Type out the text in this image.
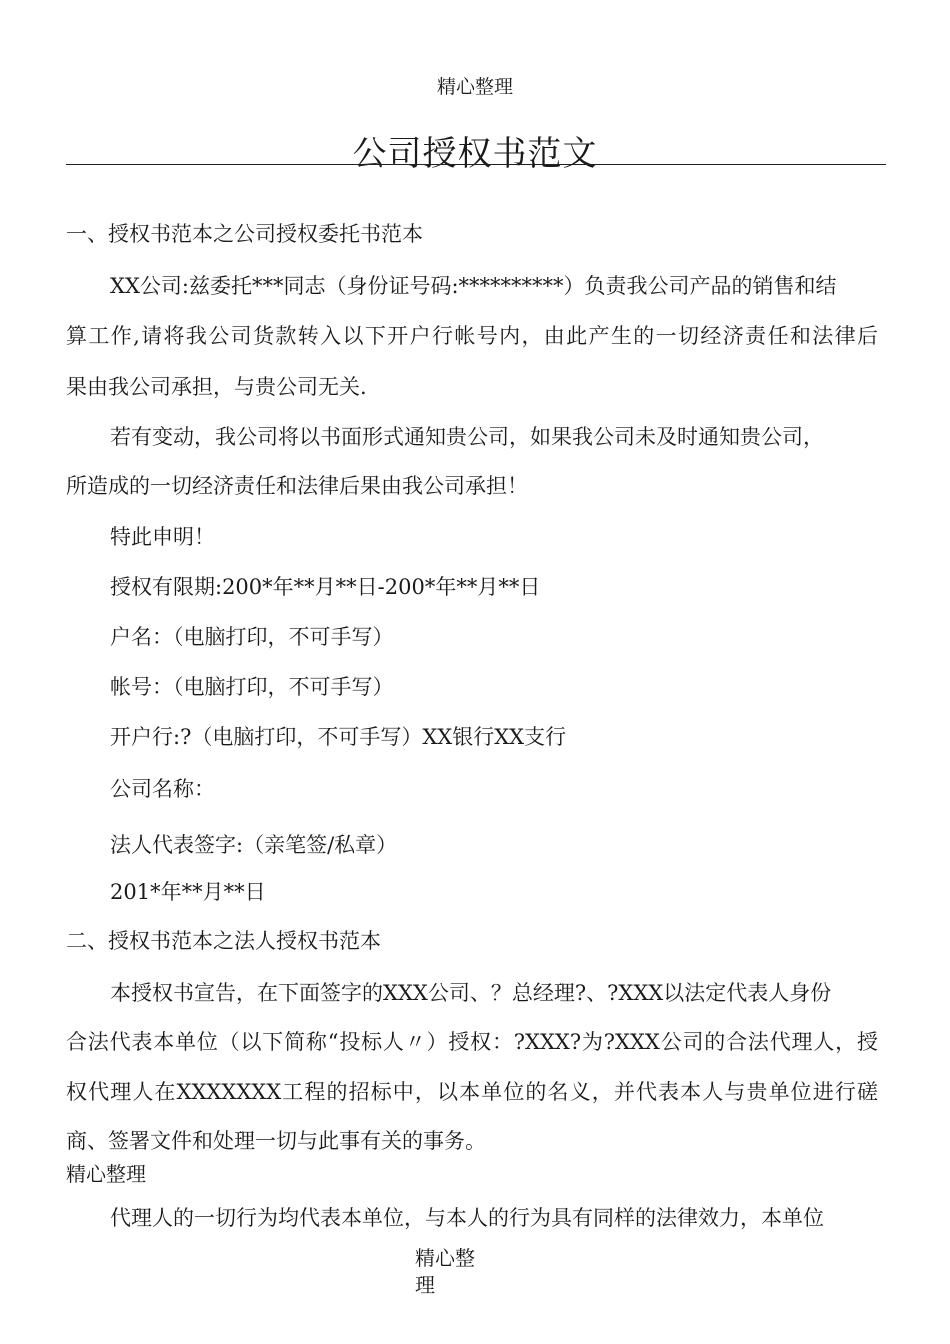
精心整理
公司授权书范文
一、授权书范本之公司授权委托书范本
XX公司:兹委托***同志（身份证号码:**********）负责我公司产品的销售和结
算工作,请将我公司货款转入以下开户行帐号内，由此产生的一切经济责任和法律后
果由我公司承担，与贵公司无关.
若有变动，我公司将以书面形式通知贵公司，如果我公司未及时通知贵公司，
所造成的一切经济责任和法律后果由我公司承担！
特此申明！
授权有限期:200*年**月**日-200*年**月**日
户名：（电脑打印，不可手写）
帐号：（电脑打印，不可手写）
开户行:?（电脑打印，不可手写）XX银行XX支行
公司名称：
法人代表签字:（亲笔签/私章）
201*年**月**日
二、授权书范本之法人授权书范本
本授权书宣告，在下面签字的XXX公司、？总经理?、?XXX以法定代表人身份
合法代表本单位（以下简称“投标人〃）授权：?XXX?为?XXX公司的合法代理人，授
权代理人在XXXXXXX工程的招标中，以本单位的名义，并代表本人与贵单位进行磋
商、签署文件和处理一切与此事有关的事务。
精心整理
代理人的一切行为均代表本单位，与本人的行为具有同样的法律效力，本单位
精心整理
